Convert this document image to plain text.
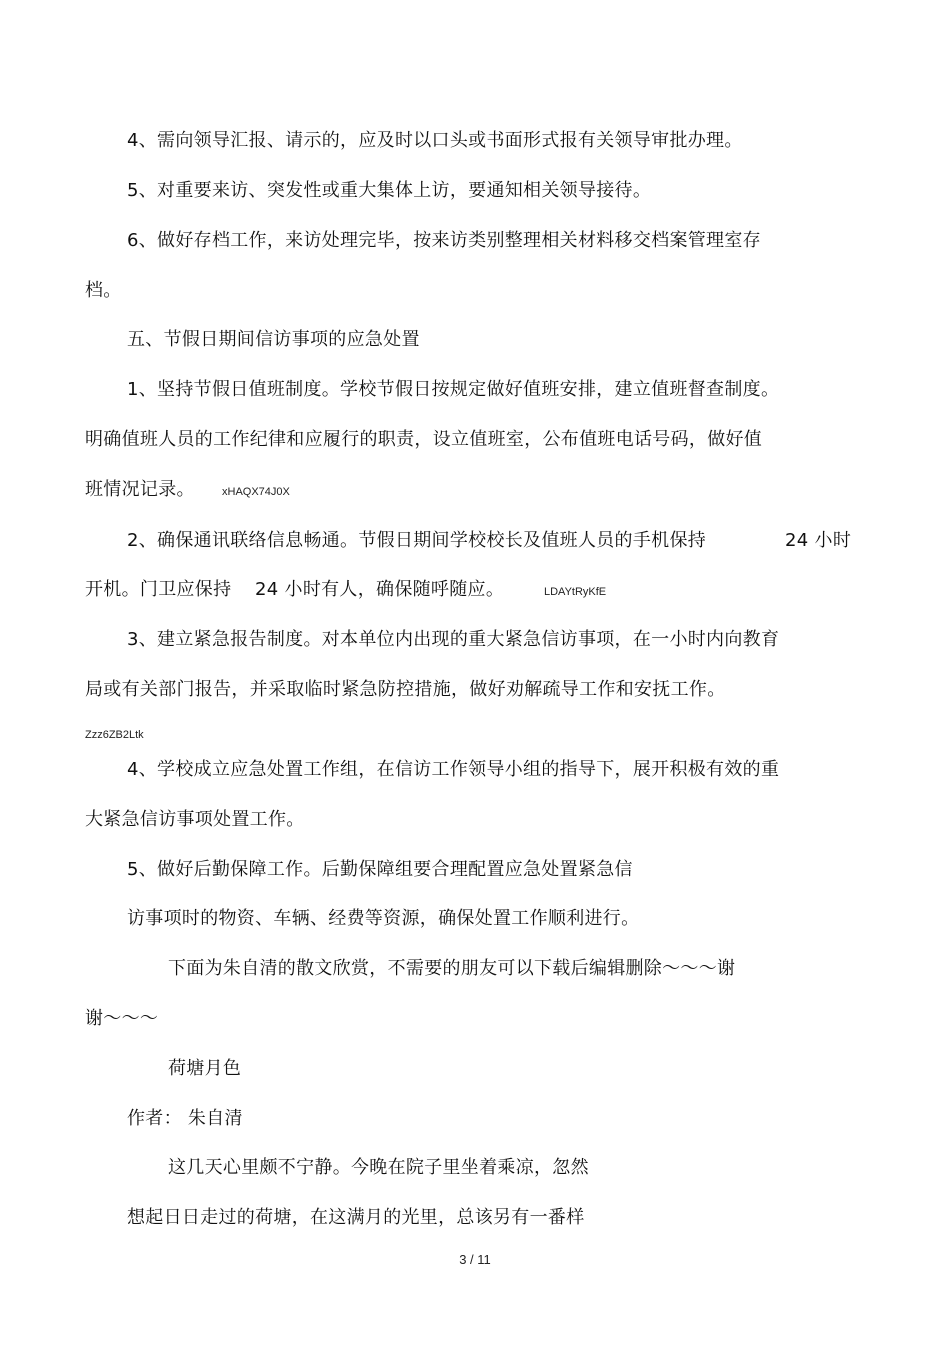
4、需向领导汇报、请示的，应及时以口头或书面形式报有关领导审批办理。
5、对重要来访、突发性或重大集体上访，要通知相关领导接待。
6、做好存档工作，来访处理完毕，按来访类别整理相关材料移交档案管理室存
档。
五、节假日期间信访事项的应急处置
1、坚持节假日值班制度。学校节假日按规定做好值班安排，建立值班督查制度。
明确值班人员的工作纪律和应履行的职责，设立值班室，公布值班电话号码，做好值
班情况记录。 xHAQX74J0X
2、确保通讯联络信息畅通。节假日期间学校校长及值班人员的手机保持	24 小时
开机。门卫应保持 24 小时有人，确保随呼随应。	LDAYtRyKfE
3、建立紧急报告制度。对本单位内出现的重大紧急信访事项，在一小时内向教育
局或有关部门报告，并采取临时紧急防控措施，做好劝解疏导工作和安抚工作。
Zzz6ZB2Ltk
4、学校成立应急处置工作组，在信访工作领导小组的指导下，展开积极有效的重
大紧急信访事项处置工作。
5、做好后勤保障工作。后勤保障组要合理配置应急处置紧急信
访事项时的物资、车辆、经费等资源，确保处置工作顺利进行。
下面为朱自清的散文欣赏，不需要的朋友可以下载后编辑删除～～～谢
谢～～～
荷塘月色
作者： 朱自清
这几天心里颇不宁静。今晚在院子里坐着乘凉，忽然
想起日日走过的荷塘，在这满月的光里，总该另有一番样
3 / 11
